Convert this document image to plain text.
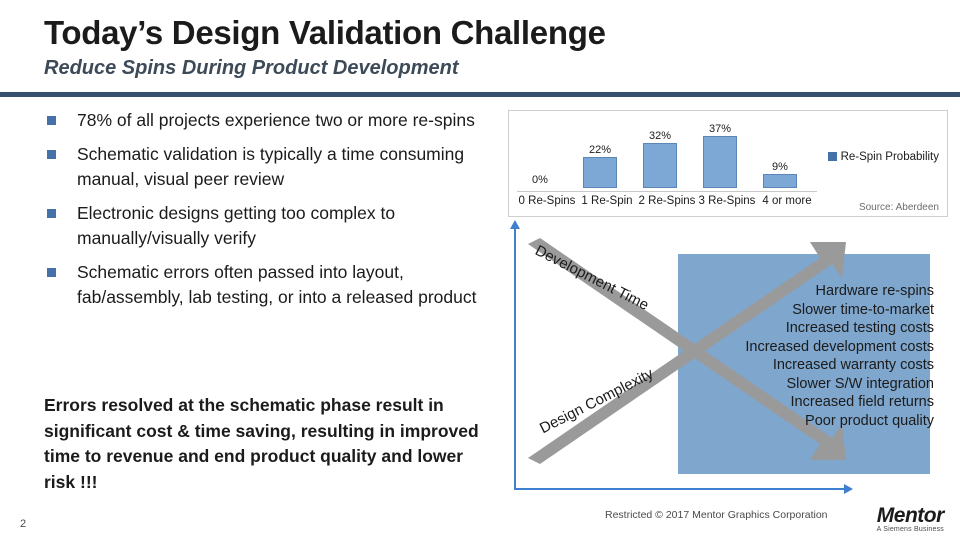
Today’s Design Validation Challenge
Reduce Spins During Product Development
78% of all projects experience two or more re-spins
Schematic validation is typically a time consuming manual, visual peer review
Electronic designs getting too complex to manually/visually verify
Schematic errors often passed into layout, fab/assembly, lab testing, or into a released product
Errors resolved at the schematic phase result in significant cost & time saving, resulting in improved time to revenue and end product quality and lower risk !!!
0%
22%
32%
37%
9%
0 Re-Spins 1 Re-Spin 2 Re-Spins 3 Re-Spins 4 or more
Re-Spin Probability
Source: Aberdeen
Development Time
Design Complexity
Hardware re-spins
Slower time-to-market
Increased testing costs
Increased development costs
Increased warranty costs
Slower S/W integration
Increased field returns
Poor product quality
Restricted © 2017 Mentor Graphics Corporation
2	Mentor
A Siemens Business
